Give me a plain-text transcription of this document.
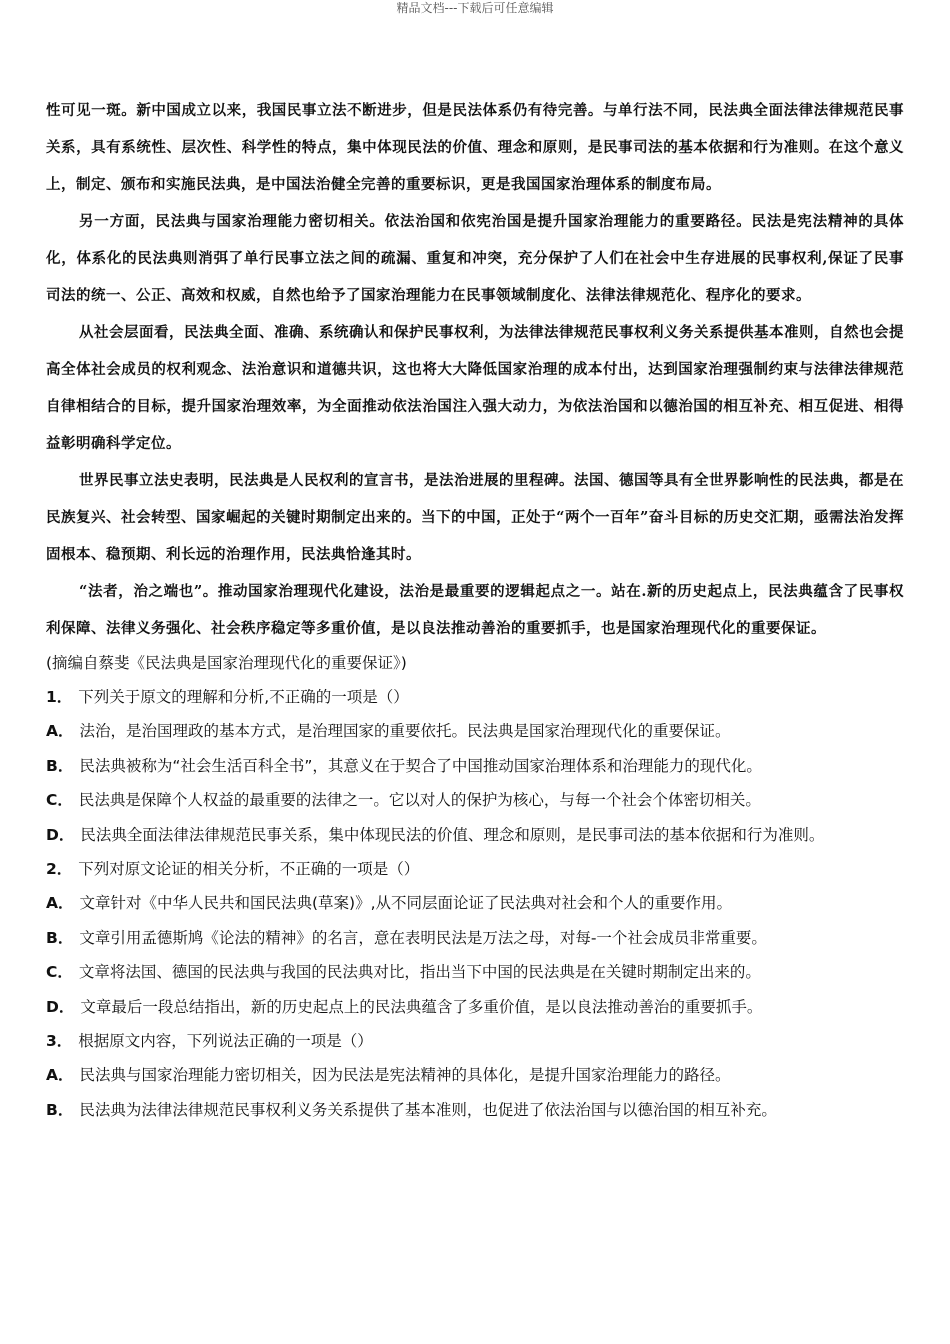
精品文档---下载后可任意编辑

性可见一斑。新中国成立以来，我国民事立法不断进步，但是民法体系仍有待完善。与单行法不同，民法典全面法律法律规范民事关系，具有系统性、层次性、科学性的特点，集中体现民法的价值、理念和原则，是民事司法的基本依据和行为准则。在这个意义上，制定、颁布和实施民法典，是中国法治健全完善的重要标识，更是我国国家治理体系的制度布局。

另一方面，民法典与国家治理能力密切相关。依法治国和依宪治国是提升国家治理能力的重要路径。民法是宪法精神的具体化，体系化的民法典则消弭了单行民事立法之间的疏漏、重复和冲突，充分保护了人们在社会中生存进展的民事权利,保证了民事司法的统一、公正、高效和权威，自然也给予了国家治理能力在民事领域制度化、法律法律规范化、程序化的要求。

从社会层面看，民法典全面、准确、系统确认和保护民事权利，为法律法律规范民事权利义务关系提供基本准则，自然也会提高全体社会成员的权利观念、法治意识和道德共识，这也将大大降低国家治理的成本付出，达到国家治理强制约束与法律法律规范自律相结合的目标，提升国家治理效率，为全面推动依法治国注入强大动力，为依法治国和以德治国的相互补充、相互促进、相得益彰明确科学定位。

世界民事立法史表明，民法典是人民权利的宣言书，是法治进展的里程碑。法国、德国等具有全世界影响性的民法典，都是在民族复兴、社会转型、国家崛起的关键时期制定出来的。当下的中国，正处于“两个一百年”奋斗目标的历史交汇期，亟需法治发挥固根本、稳预期、利长远的治理作用，民法典恰逢其时。

“法者，治之端也”。推动国家治理现代化建设，法治是最重要的逻辑起点之一。站在.新的历史起点上，民法典蕴含了民事权利保障、法律义务强化、社会秩序稳定等多重价值，是以良法推动善治的重要抓手，也是国家治理现代化的重要保证。

(摘编自蔡斐《民法典是国家治理现代化的重要保证》)

1． 下列关于原文的理解和分析,不正确的一项是（）

A． 法治，是治国理政的基本方式，是治理国家的重要依托。民法典是国家治理现代化的重要保证。

B． 民法典被称为“社会生活百科全书”，其意义在于契合了中国推动国家治理体系和治理能力的现代化。

C． 民法典是保障个人权益的最重要的法律之一。它以对人的保护为核心，与每一个社会个体密切相关。

D． 民法典全面法律法律规范民事关系，集中体现民法的价值、理念和原则，是民事司法的基本依据和行为准则。

2． 下列对原文论证的相关分析，不正确的一项是（）

A． 文章针对《中华人民共和国民法典(草案)》,从不同层面论证了民法典对社会和个人的重要作用。

B． 文章引用孟德斯鸠《论法的精神》的名言，意在表明民法是万法之母，对每-一个社会成员非常重要。

C． 文章将法国、德国的民法典与我国的民法典对比，指出当下中国的民法典是在关键时期制定出来的。

D． 文章最后一段总结指出，新的历史起点上的民法典蕴含了多重价值，是以良法推动善治的重要抓手。

3． 根据原文内容，下列说法正确的一项是（）

A． 民法典与国家治理能力密切相关，因为民法是宪法精神的具体化，是提升国家治理能力的路径。

B． 民法典为法律法律规范民事权利义务关系提供了基本准则，也促进了依法治国与以德治国的相互补充。
